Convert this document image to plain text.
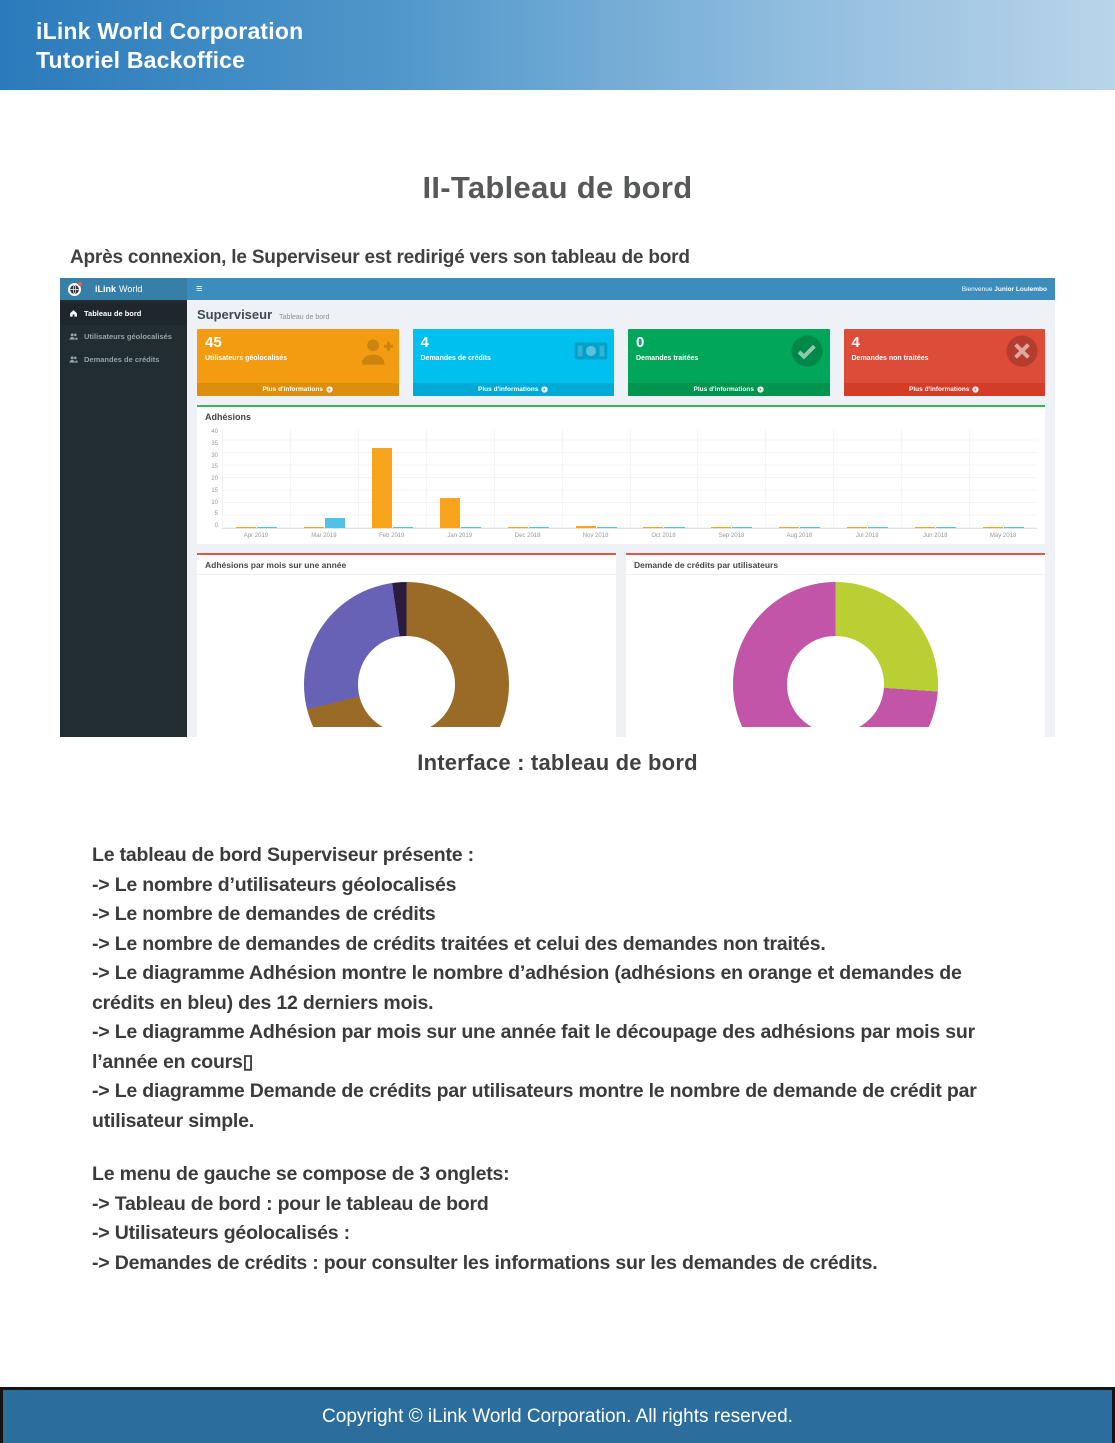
iLink World Corporation
Tutoriel Backoffice
II-Tableau de bord
Après connexion, le Superviseur est redirigé vers son tableau de bord
iLink World	≡	Bienvenue Junior Loulembo
Tableau de bord
Utilisateurs géolocalisés
Demandes de crédits
Superviseur Tableau de bord
45
Utilisateurs géolocalisés
Plus d'informations
4
Demandes de crédits
Plus d'informations
0
Demandes traitées
Plus d'informations
4
Demandes non traitées
Plus d'informations
Adhésions
40
35
30
25
20
15
10
5
0
Apr 2019	Mar 2019	Feb 2019	Jan 2019	Dec 2018	Nov 2018	Oct 2018	Sep 2018	Aug 2018	Jul 2018	Jun 2018	May 2018
Adhésions par mois sur une année	Demande de crédits par utilisateurs
Interface : tableau de bord

Le tableau de bord Superviseur présente :

-> Le nombre d’utilisateurs géolocalisés

-> Le nombre de demandes de crédits

-> Le nombre de demandes de crédits traitées et celui des demandes non traités.

-> Le diagramme Adhésion montre le nombre d’adhésion (adhésions en orange et demandes de crédits en bleu) des 12 derniers mois.

-> Le diagramme Adhésion par mois sur une année fait le découpage des adhésions par mois sur l’année en cours▯

-> Le diagramme Demande de crédits par utilisateurs montre le nombre de demande de crédit par utilisateur simple.

Le menu de gauche se compose de 3 onglets:

-> Tableau de bord : pour le tableau de bord

-> Utilisateurs géolocalisés :

-> Demandes de crédits : pour consulter les informations sur les demandes de crédits.

Copyright © iLink World Corporation. All rights reserved.
